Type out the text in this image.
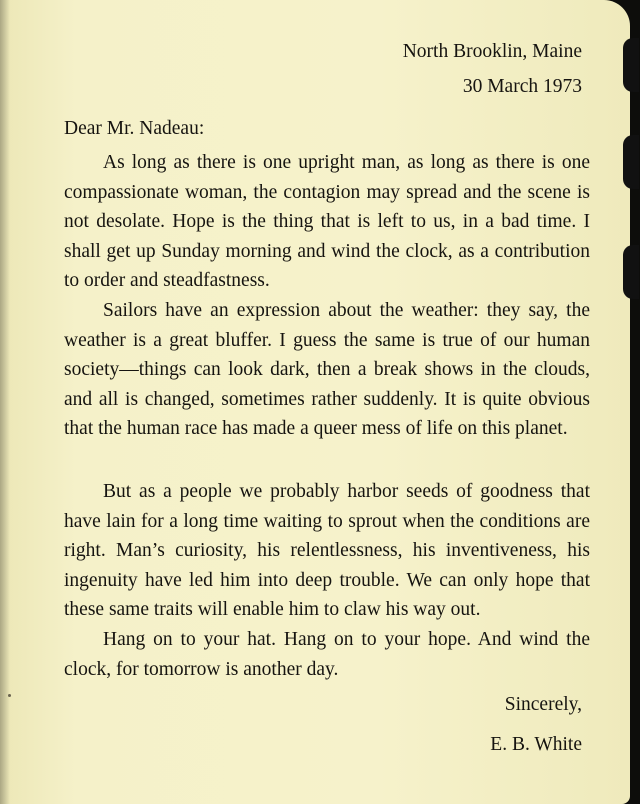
North Brooklin, Maine
30 March 1973
Dear Mr. Nadeau:

As long as there is one upright man, as long as there is one compassionate woman, the contagion may spread and the scene is not desolate. Hope is the thing that is left to us, in a bad time. I shall get up Sunday morning and wind the clock, as a contribution to order and steadfastness.

Sailors have an expression about the weather: they say, the weather is a great bluffer. I guess the same is true of our human society—things can look dark, then a break shows in the clouds, and all is changed, sometimes rather suddenly. It is quite obvious that the human race has made a queer mess of life on this planet.

But as a people we probably harbor seeds of goodness that have lain for a long time waiting to sprout when the conditions are right. Man’s curiosity, his relentlessness, his inventiveness, his ingenuity have led him into deep trouble. We can only hope that these same traits will enable him to claw his way out.

Hang on to your hat. Hang on to your hope. And wind the clock, for tomorrow is another day.

Sincerely,
E. B. White
